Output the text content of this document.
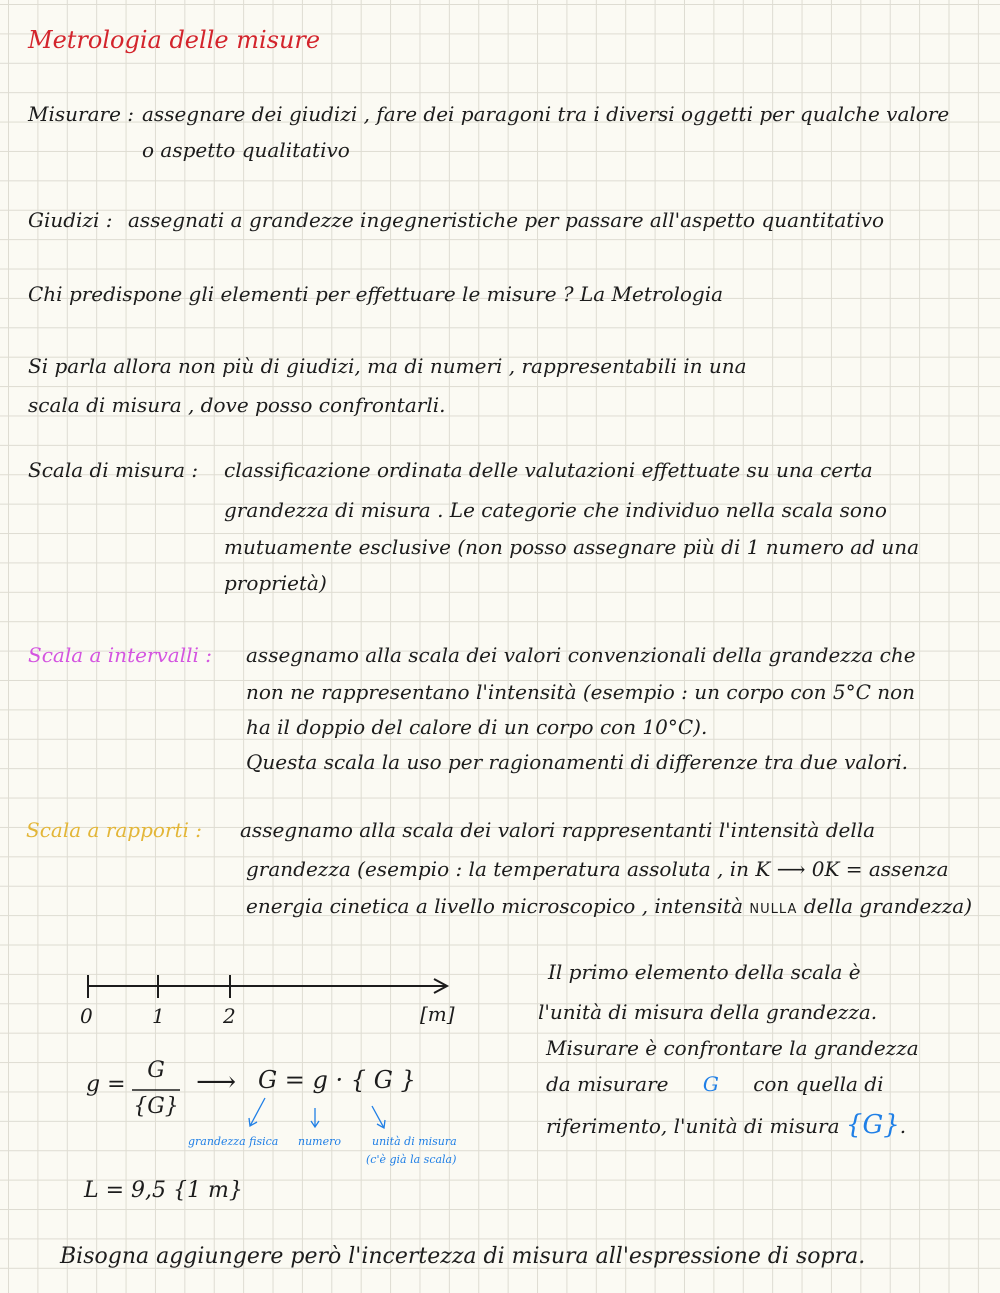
Metrologia delle misure
Misurare : assegnare dei giudizi , fare dei paragoni tra i diversi oggetti per qualche valore
o aspetto qualitativo
Giudizi : assegnati a grandezze ingegneristiche per passare all'aspetto quantitativo
Chi predispone gli elementi per effettuare le misure ? La Metrologia
Si parla allora non più di giudizi, ma di numeri , rappresentabili in una
scala di misura , dove posso confrontarli.
Scala di misura : classificazione ordinata delle valutazioni effettuate su una certa
grandezza di misura . Le categorie che individuo nella scala sono
mutuamente esclusive (non posso assegnare più di 1 numero ad una
proprietà)
Scala a intervalli : assegnamo alla scala dei valori convenzionali della grandezza che
non ne rappresentano l'intensità (esempio : un corpo con 5°C non
ha il doppio del calore di un corpo con 10°C).
Questa scala la uso per ragionamenti di differenze tra due valori.
Scala a rapporti : assegnamo alla scala dei valori rappresentanti l'intensità della
grandezza (esempio : la temperatura assoluta , in K ⟶ 0K = assenza
energia cinetica a livello microscopico , intensità NULLA della grandezza)
0	1	2	[m]
g =
G
{G}
⟶ G = g · { G }
grandezza fisica numero	unità di misura
(c'è già la scala)
L = 9,5 {1 m}
Il primo elemento della scala è
l'unità di misura della grandezza.
Misurare è confrontare la grandezza
da misurare G con quella di
riferimento, l'unità di misura {G}.
Bisogna aggiungere però l'incertezza di misura all'espressione di sopra.
